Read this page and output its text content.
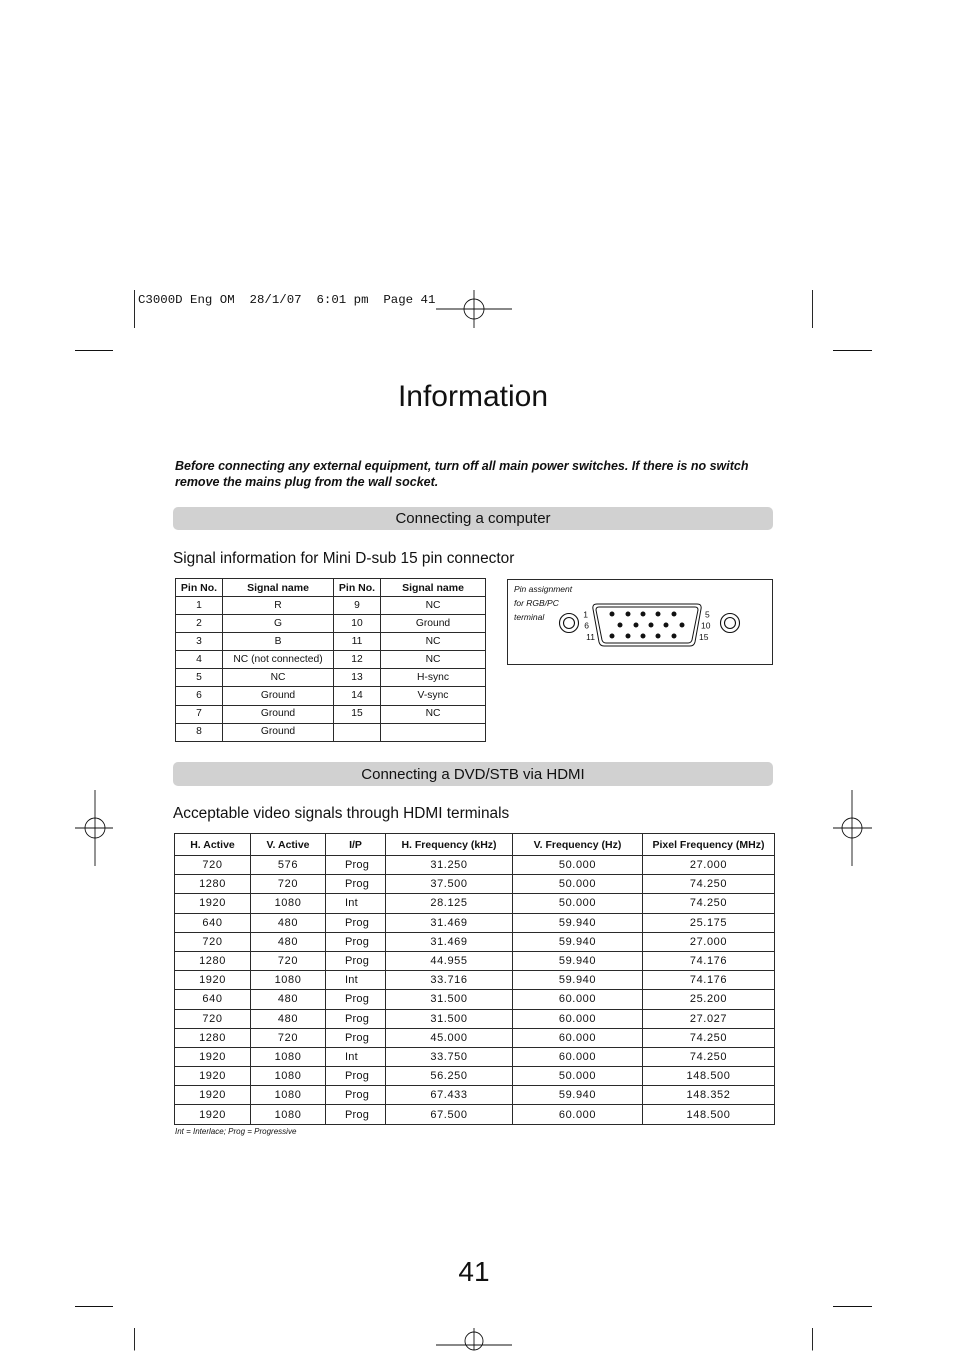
C3000D Eng OM  28/1/07  6:01 pm  Page 41
Information
Before connecting any external equipment, turn off all main power switches. If there is no switch
remove the mains plug from the wall socket.
Connecting a computer
Signal information for Mini D-sub 15 pin connector
Pin No.	Signal name	Pin No.	Signal name
1	R	9	NC
2	G	10	Ground
3	B	11	NC
4	NC (not connected)	12	NC
5	NC	13	H-sync
6	Ground	14	V-sync
7	Ground	15	NC
8	Ground		
Pin assignment
for RGB/PC
terminal	1
6
11
5
10
15
Connecting a DVD/STB via HDMI
Acceptable video signals through HDMI terminals
H. Active	V. Active	I/P	H. Frequency (kHz)	V. Frequency (Hz)	Pixel Frequency (MHz)
720	576	Prog	31.250	50.000	27.000
1280	720	Prog	37.500	50.000	74.250
1920	1080	Int	28.125	50.000	74.250
640	480	Prog	31.469	59.940	25.175
720	480	Prog	31.469	59.940	27.000
1280	720	Prog	44.955	59.940	74.176
1920	1080	Int	33.716	59.940	74.176
640	480	Prog	31.500	60.000	25.200
720	480	Prog	31.500	60.000	27.027
1280	720	Prog	45.000	60.000	74.250
1920	1080	Int	33.750	60.000	74.250
1920	1080	Prog	56.250	50.000	148.500
1920	1080	Prog	67.433	59.940	148.352
1920	1080	Prog	67.500	60.000	148.500
Int = Interlace; Prog = Progressive
41
